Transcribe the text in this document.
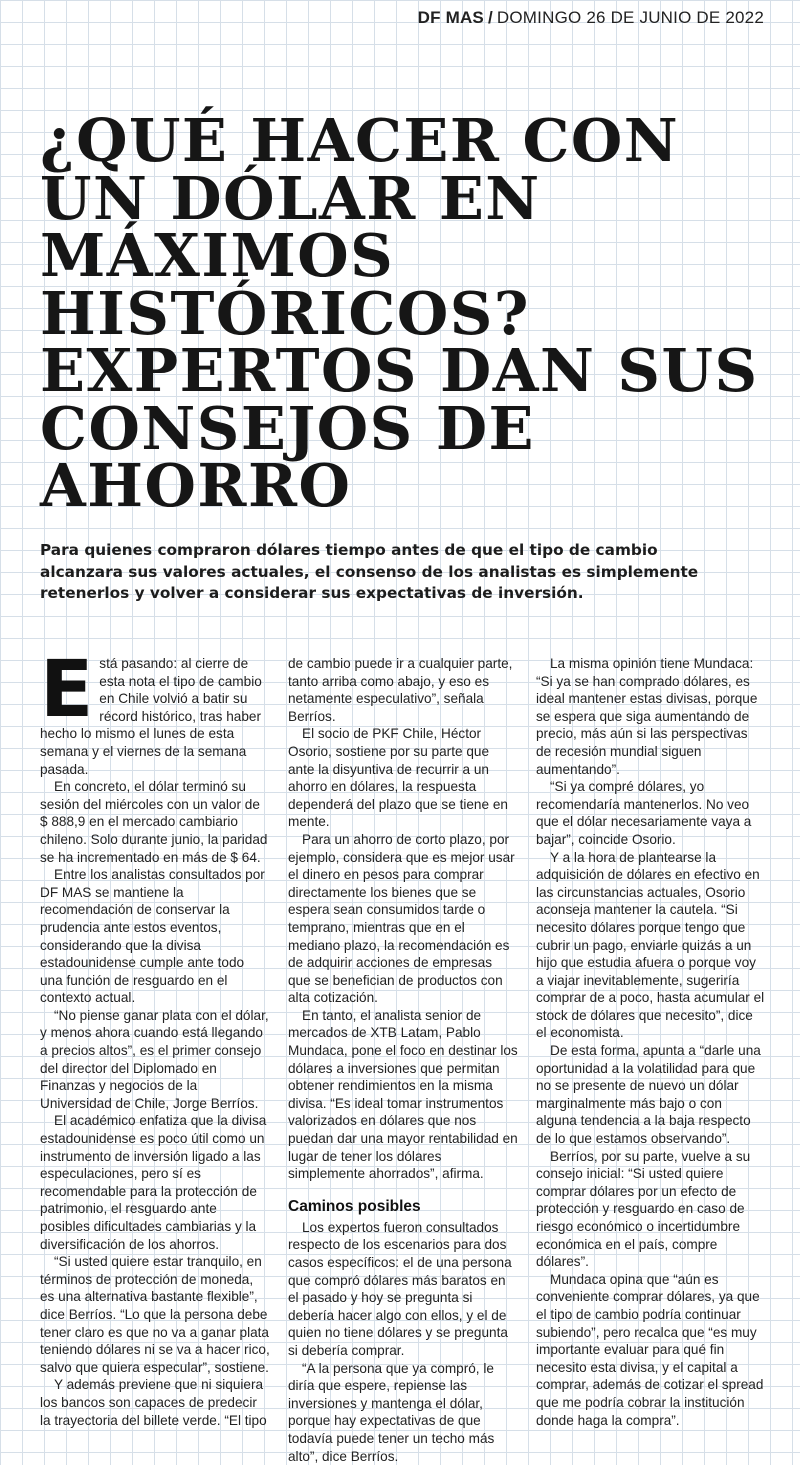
DF MAS / DOMINGO 26 DE JUNIO DE 2022
¿QUÉ HACER CON UN DÓLAR EN MÁXIMOS HISTÓRICOS? EXPERTOS DAN SUS CONSEJOS DE AHORRO

Para quienes compraron dólares tiempo antes de que el tipo de cambio alcanzara sus valores actuales, el consenso de los analistas es simplemente retenerlos y volver a considerar sus expectativas de inversión.

Está pasando: al cierre de esta nota el tipo de cambio en Chile volvió a batir su récord histórico, tras haber hecho lo mismo el lunes de esta semana y el viernes de la semana pasada.

En concreto, el dólar terminó su sesión del miércoles con un valor de $ 888,9 en el mercado cambiario chileno. Solo durante junio, la paridad se ha incrementado en más de $ 64.

Entre los analistas consultados por DF MAS se mantiene la recomendación de conservar la prudencia ante estos eventos, considerando que la divisa estadounidense cumple ante todo una función de resguardo en el contexto actual.

“No piense ganar plata con el dólar, y menos ahora cuando está llegando a precios altos”, es el primer consejo del director del Diplomado en Finanzas y negocios de la Universidad de Chile, Jorge Berríos.

El académico enfatiza que la divisa estadounidense es poco útil como un instrumento de inversión ligado a las especulaciones, pero sí es recomendable para la protección de patrimonio, el resguardo ante posibles dificultades cambiarias y la diversificación de los ahorros.

“Si usted quiere estar tranquilo, en términos de protección de moneda, es una alternativa bastante flexible”, dice Berríos. “Lo que la persona debe tener claro es que no va a ganar plata teniendo dólares ni se va a hacer rico, salvo que quiera especular”, sostiene.

Y además previene que ni siquiera los bancos son capaces de predecir la trayectoria del billete verde. “El tipo

de cambio puede ir a cualquier parte, tanto arriba como abajo, y eso es netamente especulativo”, señala Berríos.

El socio de PKF Chile, Héctor Osorio, sostiene por su parte que ante la disyuntiva de recurrir a un ahorro en dólares, la respuesta dependerá del plazo que se tiene en mente.

Para un ahorro de corto plazo, por ejemplo, considera que es mejor usar el dinero en pesos para comprar directamente los bienes que se espera sean consumidos tarde o temprano, mientras que en el mediano plazo, la recomendación es de adquirir acciones de empresas que se benefician de productos con alta cotización.

En tanto, el analista senior de mercados de XTB Latam, Pablo Mundaca, pone el foco en destinar los dólares a inversiones que permitan obtener rendimientos en la misma divisa. “Es ideal tomar instrumentos valorizados en dólares que nos puedan dar una mayor rentabilidad en lugar de tener los dólares simplemente ahorrados”, afirma.

Caminos posibles

Los expertos fueron consultados respecto de los escenarios para dos casos específicos: el de una persona que compró dólares más baratos en el pasado y hoy se pregunta si debería hacer algo con ellos, y el de quien no tiene dólares y se pregunta si debería comprar.

“A la persona que ya compró, le diría que espere, repiense las inversiones y mantenga el dólar, porque hay expectativas de que todavía puede tener un techo más alto”, dice Berríos.

La misma opinión tiene Mundaca: “Si ya se han comprado dólares, es ideal mantener estas divisas, porque se espera que siga aumentando de precio, más aún si las perspectivas de recesión mundial siguen aumentando”.

“Si ya compré dólares, yo recomendaría mantenerlos. No veo que el dólar necesariamente vaya a bajar”, coincide Osorio.

Y a la hora de plantearse la adquisición de dólares en efectivo en las circunstancias actuales, Osorio aconseja mantener la cautela. “Si necesito dólares porque tengo que cubrir un pago, enviarle quizás a un hijo que estudia afuera o porque voy a viajar inevitablemente, sugeriría comprar de a poco, hasta acumular el stock de dólares que necesito”, dice el economista.

De esta forma, apunta a “darle una oportunidad a la volatilidad para que no se presente de nuevo un dólar marginalmente más bajo o con alguna tendencia a la baja respecto de lo que estamos observando”.

Berríos, por su parte, vuelve a su consejo inicial: “Si usted quiere comprar dólares por un efecto de protección y resguardo en caso de riesgo económico o incertidumbre económica en el país, compre dólares”.

Mundaca opina que “aún es conveniente comprar dólares, ya que el tipo de cambio podría continuar subiendo”, pero recalca que “es muy importante evaluar para qué fin necesito esta divisa, y el capital a comprar, además de cotizar el spread que me podría cobrar la institución donde haga la compra”.
